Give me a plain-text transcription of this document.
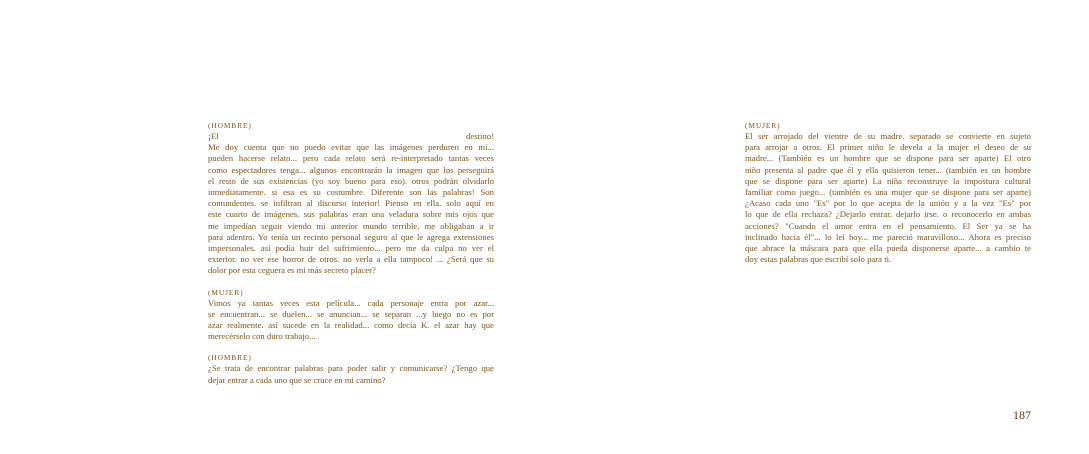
(HOMBRE)
¡El destino!
Me doy cuenta que no puedo evitar que las imágenes perduren en mí...
pueden hacerse relato... pero cada relato será re-interpretado tantas veces
como espectadores tenga... algunos encontrarán la imagen que los perseguirá
el resto de sus existencias (yo soy bueno para eso). otros podrán olvidarlo
inmediatamente. si esa es su costumbre. Diferente son las palabras! Son
contundentes. se infiltran al discurso interior! Pienso en ella. solo aquí en
este cuarto de imágenes. sus palabras eran una veladura sobre mis ojos que
me impedían seguir viendo mi anterior mundo terrible. me obligaban a ir
para adentro. Yo tenía un recinto personal seguro al que le agrega extensiones
impersonales. así podía huir del sufrimiento... pero me da culpa no ver el
exterior. no ver ese horror de otros. no verla a ella tampoco! ... ¿Será que su
dolor por esta ceguera es mi más secreto placer?
(MUJER)
Vimos ya tantas veces esta película... cada personaje entra por azar...
se encuentran... se duelen... se anuncian... se separan ...y luego no es por
azar realmente. así sucede en la realidad... como decía K. el azar hay que
merecérselo con duro trabajo...
(HOMBRE)
¿Se trata de encontrar palabras para poder salir y comunicarse? ¿Tengo que
dejar entrar a cada uno que se cruce en mi camino?
(MUJER)
El ser arrojado del vientre de su madre. separado se convierte en sujeto
para arrojar a otros. El primer niño le devela a la mujer el deseo de su
madre... (También es un hombre que se dispone para ser aparte) El otro
niño presenta al padre que él y ella quisieron tener... (también es un hombre
que se dispone para ser aparte) La niña reconstruye la impostura cultural
familiar como juego... (también es una mujer que se dispone para ser aparte)
¿Acaso cada uno "Es" por lo que acepta de la unión y a la vez "Es" por
lo que de ella rechaza? ¿Dejarlo entrar. dejarlo irse. o reconocerlo en ambas
acciones? "Cuando el amor entra en el pensamiento. El Ser ya se ha
inclinado hacia él"... lo leí hoy... me pareció maravilloso... Ahora es preciso
que abrace la máscara para que ella pueda disponerse aparte... a cambio te
doy estas palabras que escribí solo para ti.
187
